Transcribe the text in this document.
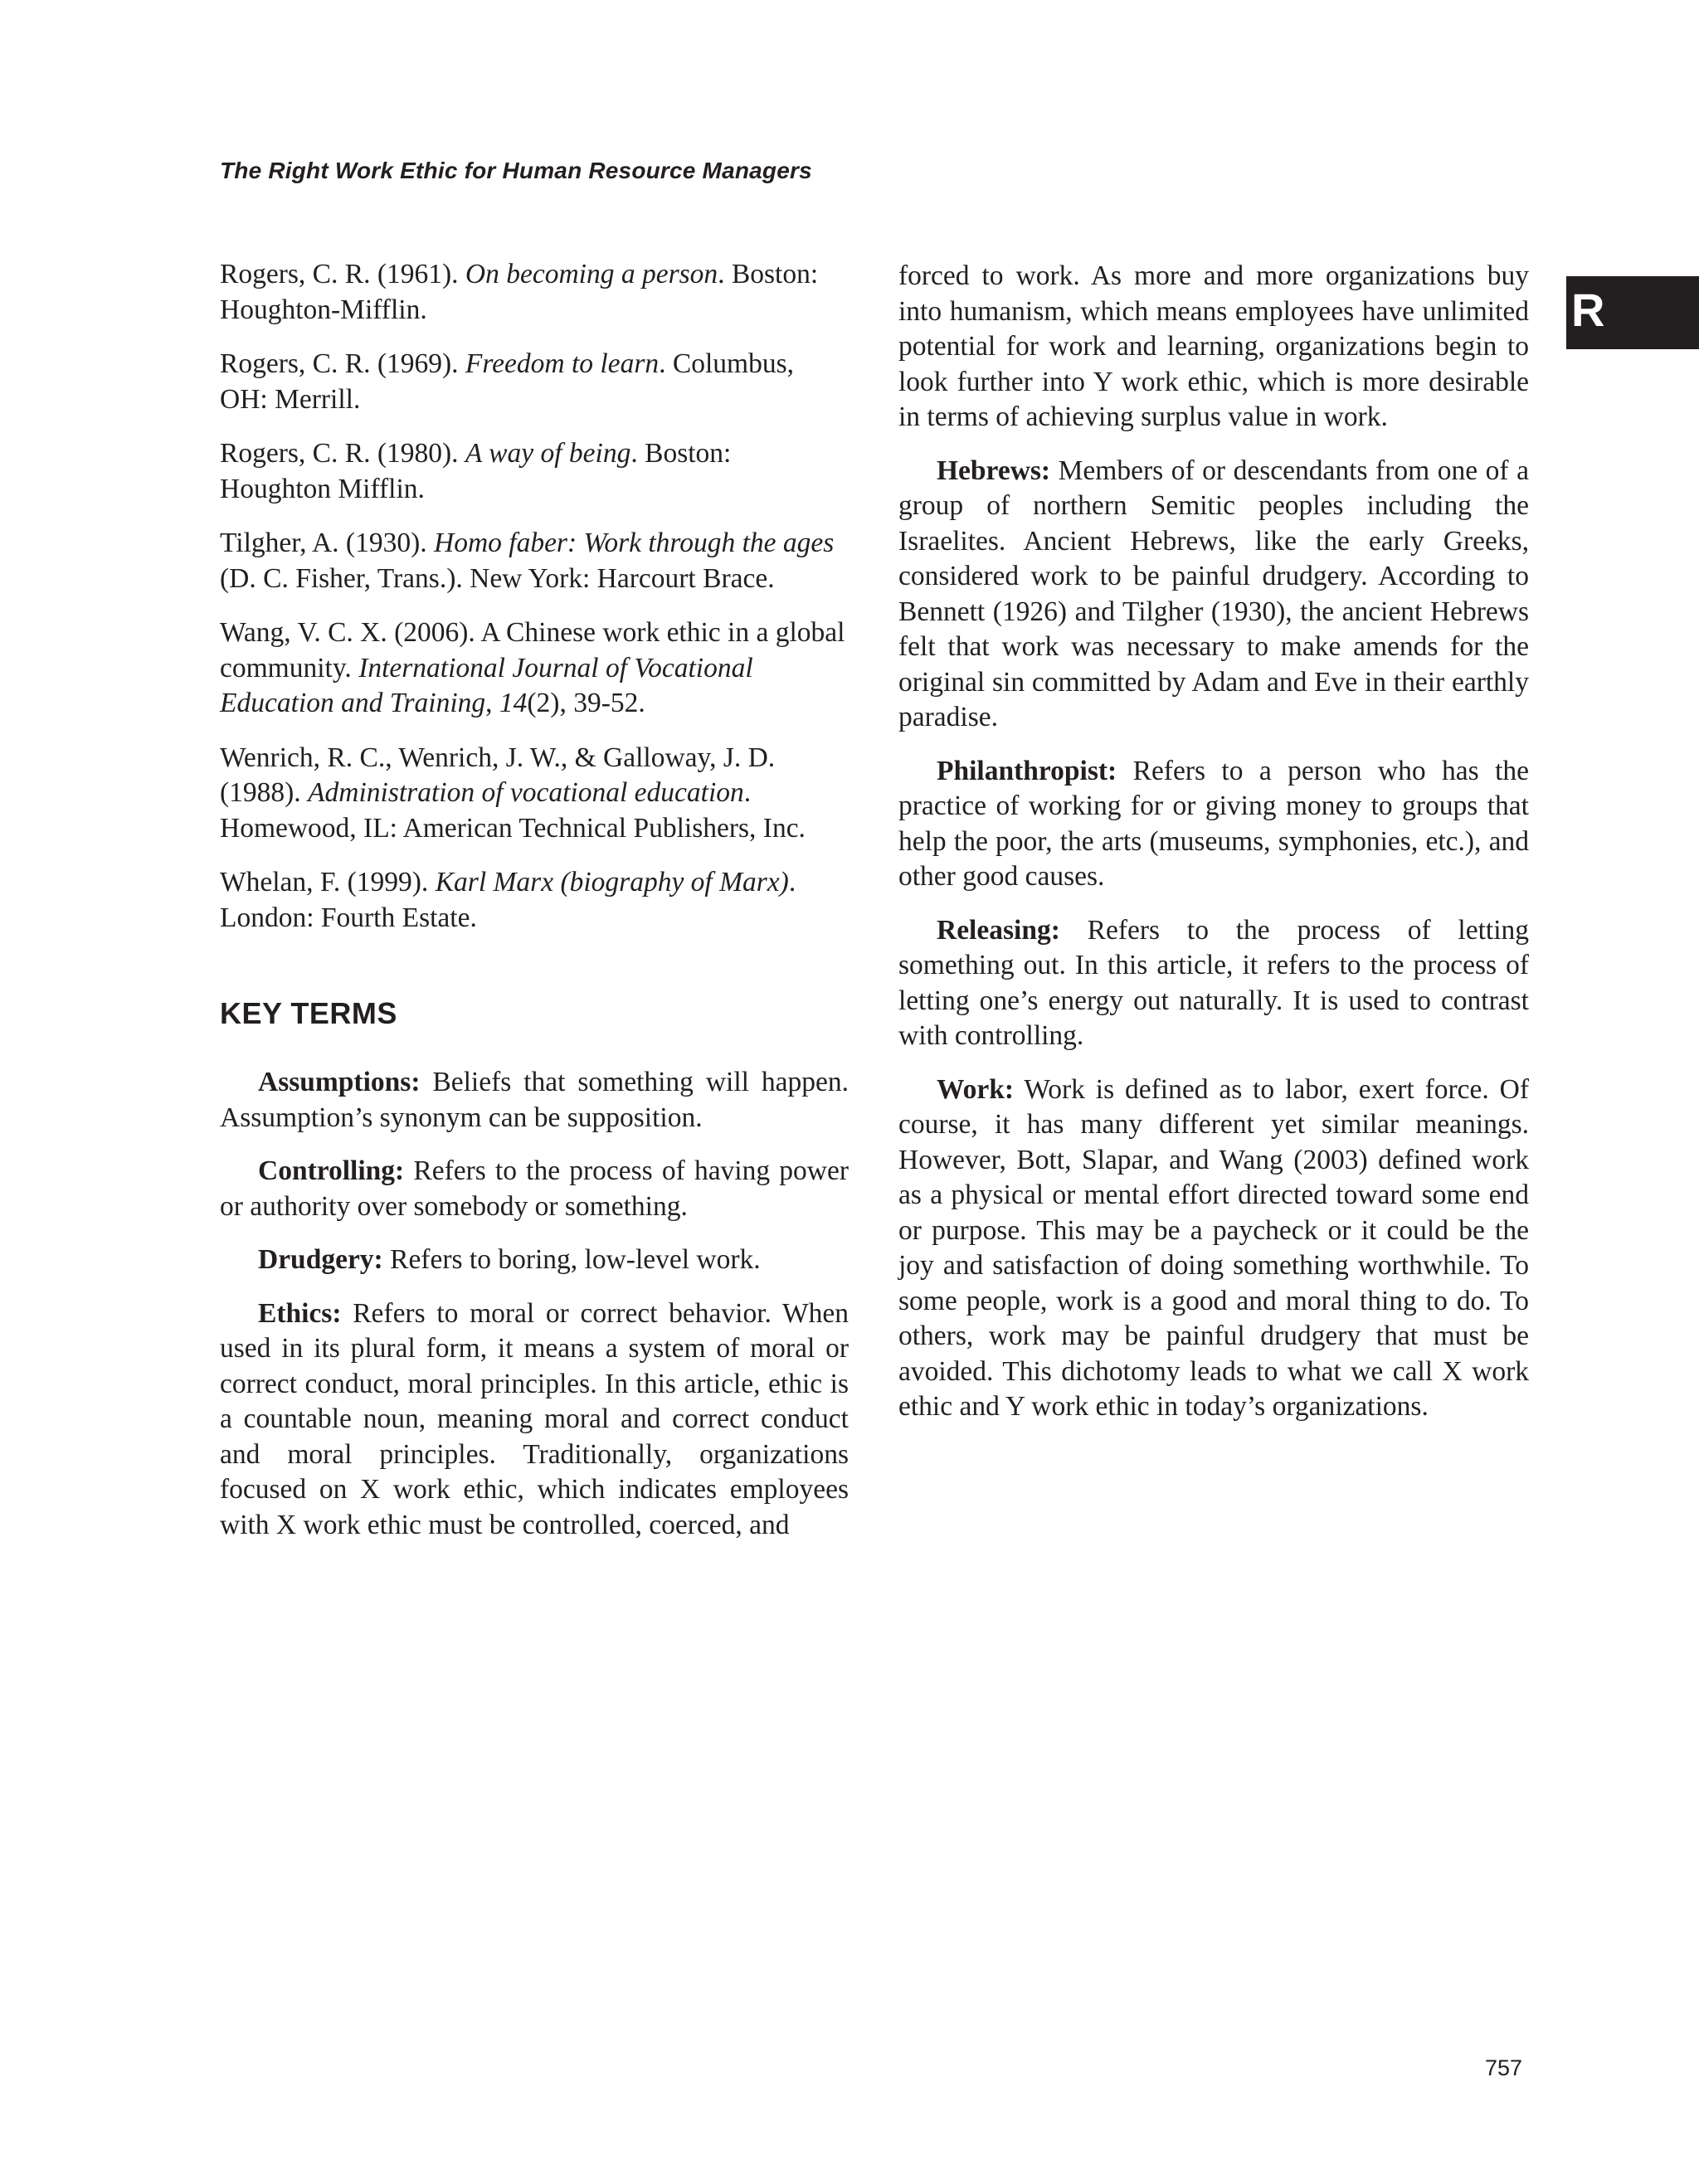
The Right Work Ethic for Human Resource Managers
R

Rogers, C. R. (1961). On becoming a person. Boston: Houghton-Mifflin.

Rogers, C. R. (1969). Freedom to learn. Columbus, OH: Merrill.

Rogers, C. R. (1980). A way of being. Boston: Houghton Mifflin.

Tilgher, A. (1930). Homo faber: Work through the ages (D. C. Fisher, Trans.). New York: Harcourt Brace.

Wang, V. C. X. (2006). A Chinese work ethic in a global community. International Journal of Vocational Education and Training, 14(2), 39-52.

Wenrich, R. C., Wenrich, J. W., & Galloway, J. D. (1988). Administration of vocational education. Homewood, IL: American Technical Publishers, Inc.

Whelan, F. (1999). Karl Marx (biography of Marx). London: Fourth Estate.

KEY TERMS

Assumptions: Beliefs that something will happen. Assumption’s synonym can be supposition.

Controlling: Refers to the process of having power or authority over somebody or something.

Drudgery: Refers to boring, low-level work.

Ethics: Refers to moral or correct behavior. When used in its plural form, it means a system of moral or correct conduct, moral principles. In this article, ethic is a countable noun, meaning moral and correct conduct and moral principles. Traditionally, organizations focused on X work ethic, which indicates employees with X work ethic must be controlled, coerced, and

forced to work. As more and more organizations buy into humanism, which means employees have unlimited potential for work and learning, organizations begin to look further into Y work ethic, which is more desirable in terms of achieving surplus value in work.

Hebrews: Members of or descendants from one of a group of northern Semitic peoples including the Israelites. Ancient Hebrews, like the early Greeks, considered work to be painful drudgery. According to Bennett (1926) and Tilgher (1930), the ancient Hebrews felt that work was necessary to make amends for the original sin committed by Adam and Eve in their earthly paradise.

Philanthropist: Refers to a person who has the practice of working for or giving money to groups that help the poor, the arts (museums, symphonies, etc.), and other good causes.

Releasing: Refers to the process of letting something out. In this article, it refers to the process of letting one’s energy out naturally. It is used to contrast with controlling.

Work: Work is defined as to labor, exert force. Of course, it has many different yet similar meanings. However, Bott, Slapar, and Wang (2003) defined work as a physical or mental effort directed toward some end or purpose. This may be a paycheck or it could be the joy and satisfaction of doing something worthwhile. To some people, work is a good and moral thing to do. To others, work may be painful drudgery that must be avoided. This dichotomy leads to what we call X work ethic and Y work ethic in today’s organizations.

757
